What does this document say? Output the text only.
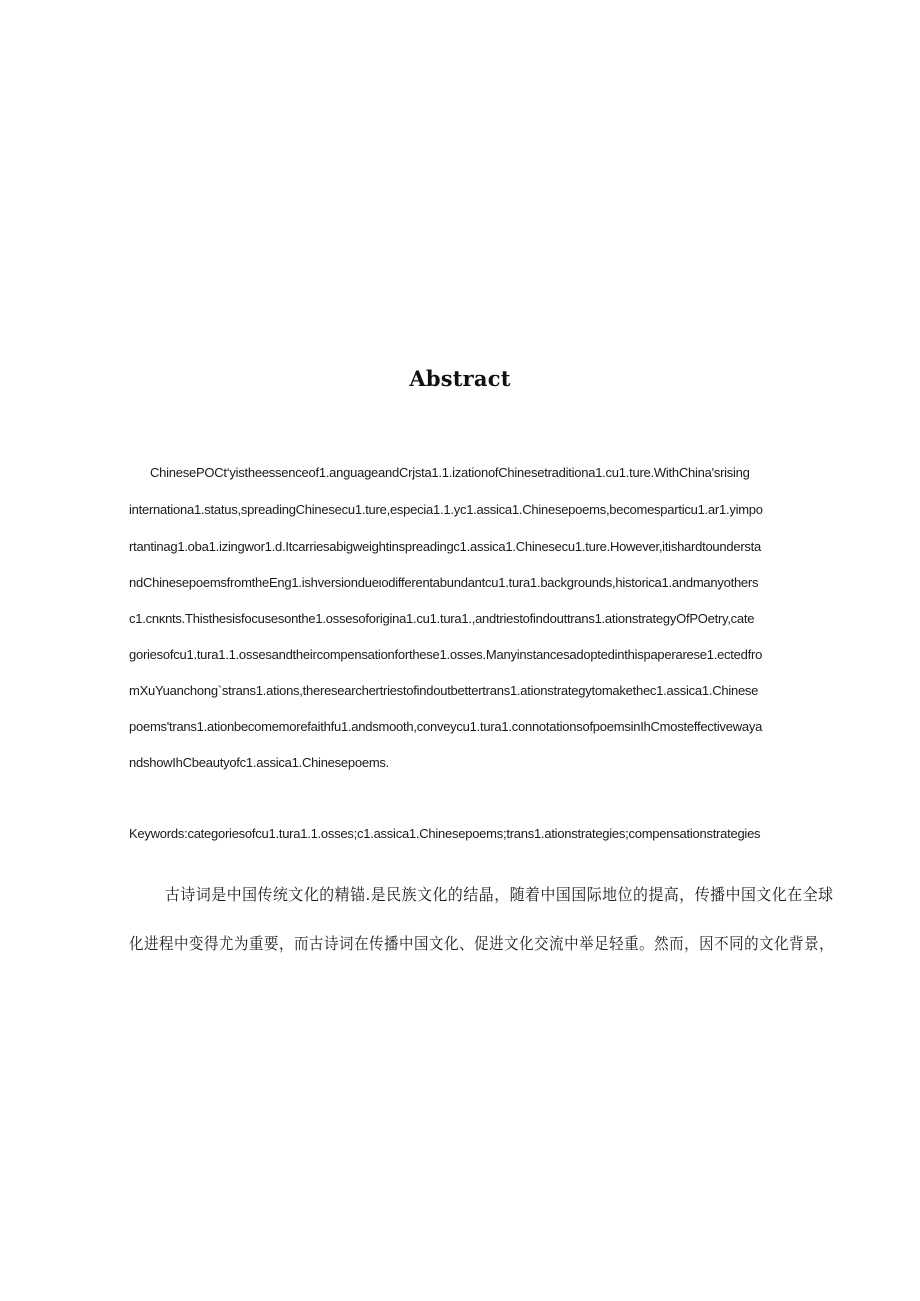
Abstract

ChinesePOCt‘yistheessenceof1.anguageandCrjsta1.1.izationofChinesetraditiona1.cu1.ture.WithChina'srising

internationa1.status,spreadingChinesecu1.ture,especia1.1.yc1.assica1.Chinesepoems,becomesparticu1.ar1.yimpo

rtantinag1.oba1.izingwor1.d.Itcarriesabigweightinspreadingc1.assica1.Chinesecu1.ture.However,itishardtoundersta

ndChinesepoemsfromtheEng1.ishversiondueιodifferentabundantcu1.tura1.backgrounds,historica1.andmanyothers

c1.cnκnts.Thisthesisfocusesonthe1.ossesoforigina1.cu1.tura1.,andtriestofindouttrans1.ationstrategyOfPOetry,cate

goriesofcu1.tura1.1.ossesandtheircompensationforthese1.osses.Manyinstancesadoptedinthispaperarese1.ectedfro

mXuYuanchong`strans1.ations,theresearchertriestofindoutbettertrans1.ationstrategytomakethec1.assica1.Chinese

poems'trans1.ationbecomemorefaithfu1.andsmooth,conveycu1.tura1.connotationsofpoemsinIhCmosteffectivewaya

ndshowIhCbeautyofc1.assica1.Chinesepoems.

Keywords:categoriesofcu1.tura1.1.osses;c1.assica1.Chinesepoems;trans1.ationstrategies;compensationstrategies

古诗词是中国传统文化的精锚.是民族文化的结晶，随着中国国际地位的提高，传播中国文化在全球

化进程中变得尤为重要，而古诗词在传播中国文化、促进文化交流中举足轻重。然而，因不同的文化背景，
